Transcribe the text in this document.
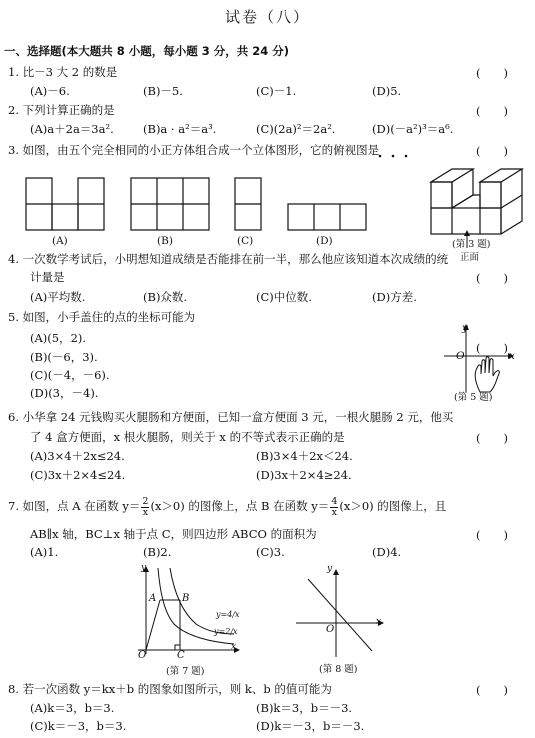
试卷（八）
一、选择题(本大题共 8 小题，每小题 3 分，共 24 分)
1. 比－3 大 2 的数是	(　　)
(A)－6.	(B)－5.	(C)－1.	(D)5.
2. 下列计算正确的是	(　　)
(A)a＋2a＝3a².	(B)a · a²＝a³.	(C)(2a)²＝2a².	(D)(－a²)³＝a⁶.
3. 如图，由五个完全相同的小正方体组合成一个立体图形，它的俯视图是	(　　)
(A)	(B)	(C)	(D)
正面
(第 3 题)
4. 一次数学考试后，小明想知道成绩是否能排在前一半，那么他应该知道本次成绩的统
计量是	(　　)
(A)平均数.	(B)众数.	(C)中位数.	(D)方差.
5. 如图，小手盖住的点的坐标可能为
(　　)
(A)(5，2).
(B)(－6，3).
(C)(－4，－6).
(D)(3，－4).
y
x
O
(第 5 题)
6. 小华拿 24 元钱购买火腿肠和方便面，已知一盒方便面 3 元，一根火腿肠 2 元，他买
了 4 盒方便面，x 根火腿肠，则关于 x 的不等式表示正确的是	(　　)
(A)3×4＋2x≤24.	(B)3×4＋2x＜24.
(C)3x＋2×4≤24.	(D)3x＋2×4≥24.
7. 如图，点 A 在函数 $y= \frac{2}{x} (x>0)$ 的图像上，点 B 在函数 $y= \frac{4}{x} (x>0)$ 的图像上，且
AB∥x 轴，BC⊥x 轴于点 C，则四边形 ABCO 的面积为	(　　)
(A)1.	(B)2.	(C)3.	(D)4.
y
x
A	B
C
O
y=4/x
y=2/x
(第 7 题)
y
x
O
(第 8 题)
8. 若一次函数 y＝kx＋b 的图象如图所示，则 k、b 的值可能为	(　　)
(A)k＝3，b＝3.	(B)k＝3，b＝－3.
(C)k＝－3，b＝3.	(D)k＝－3，b＝－3.
